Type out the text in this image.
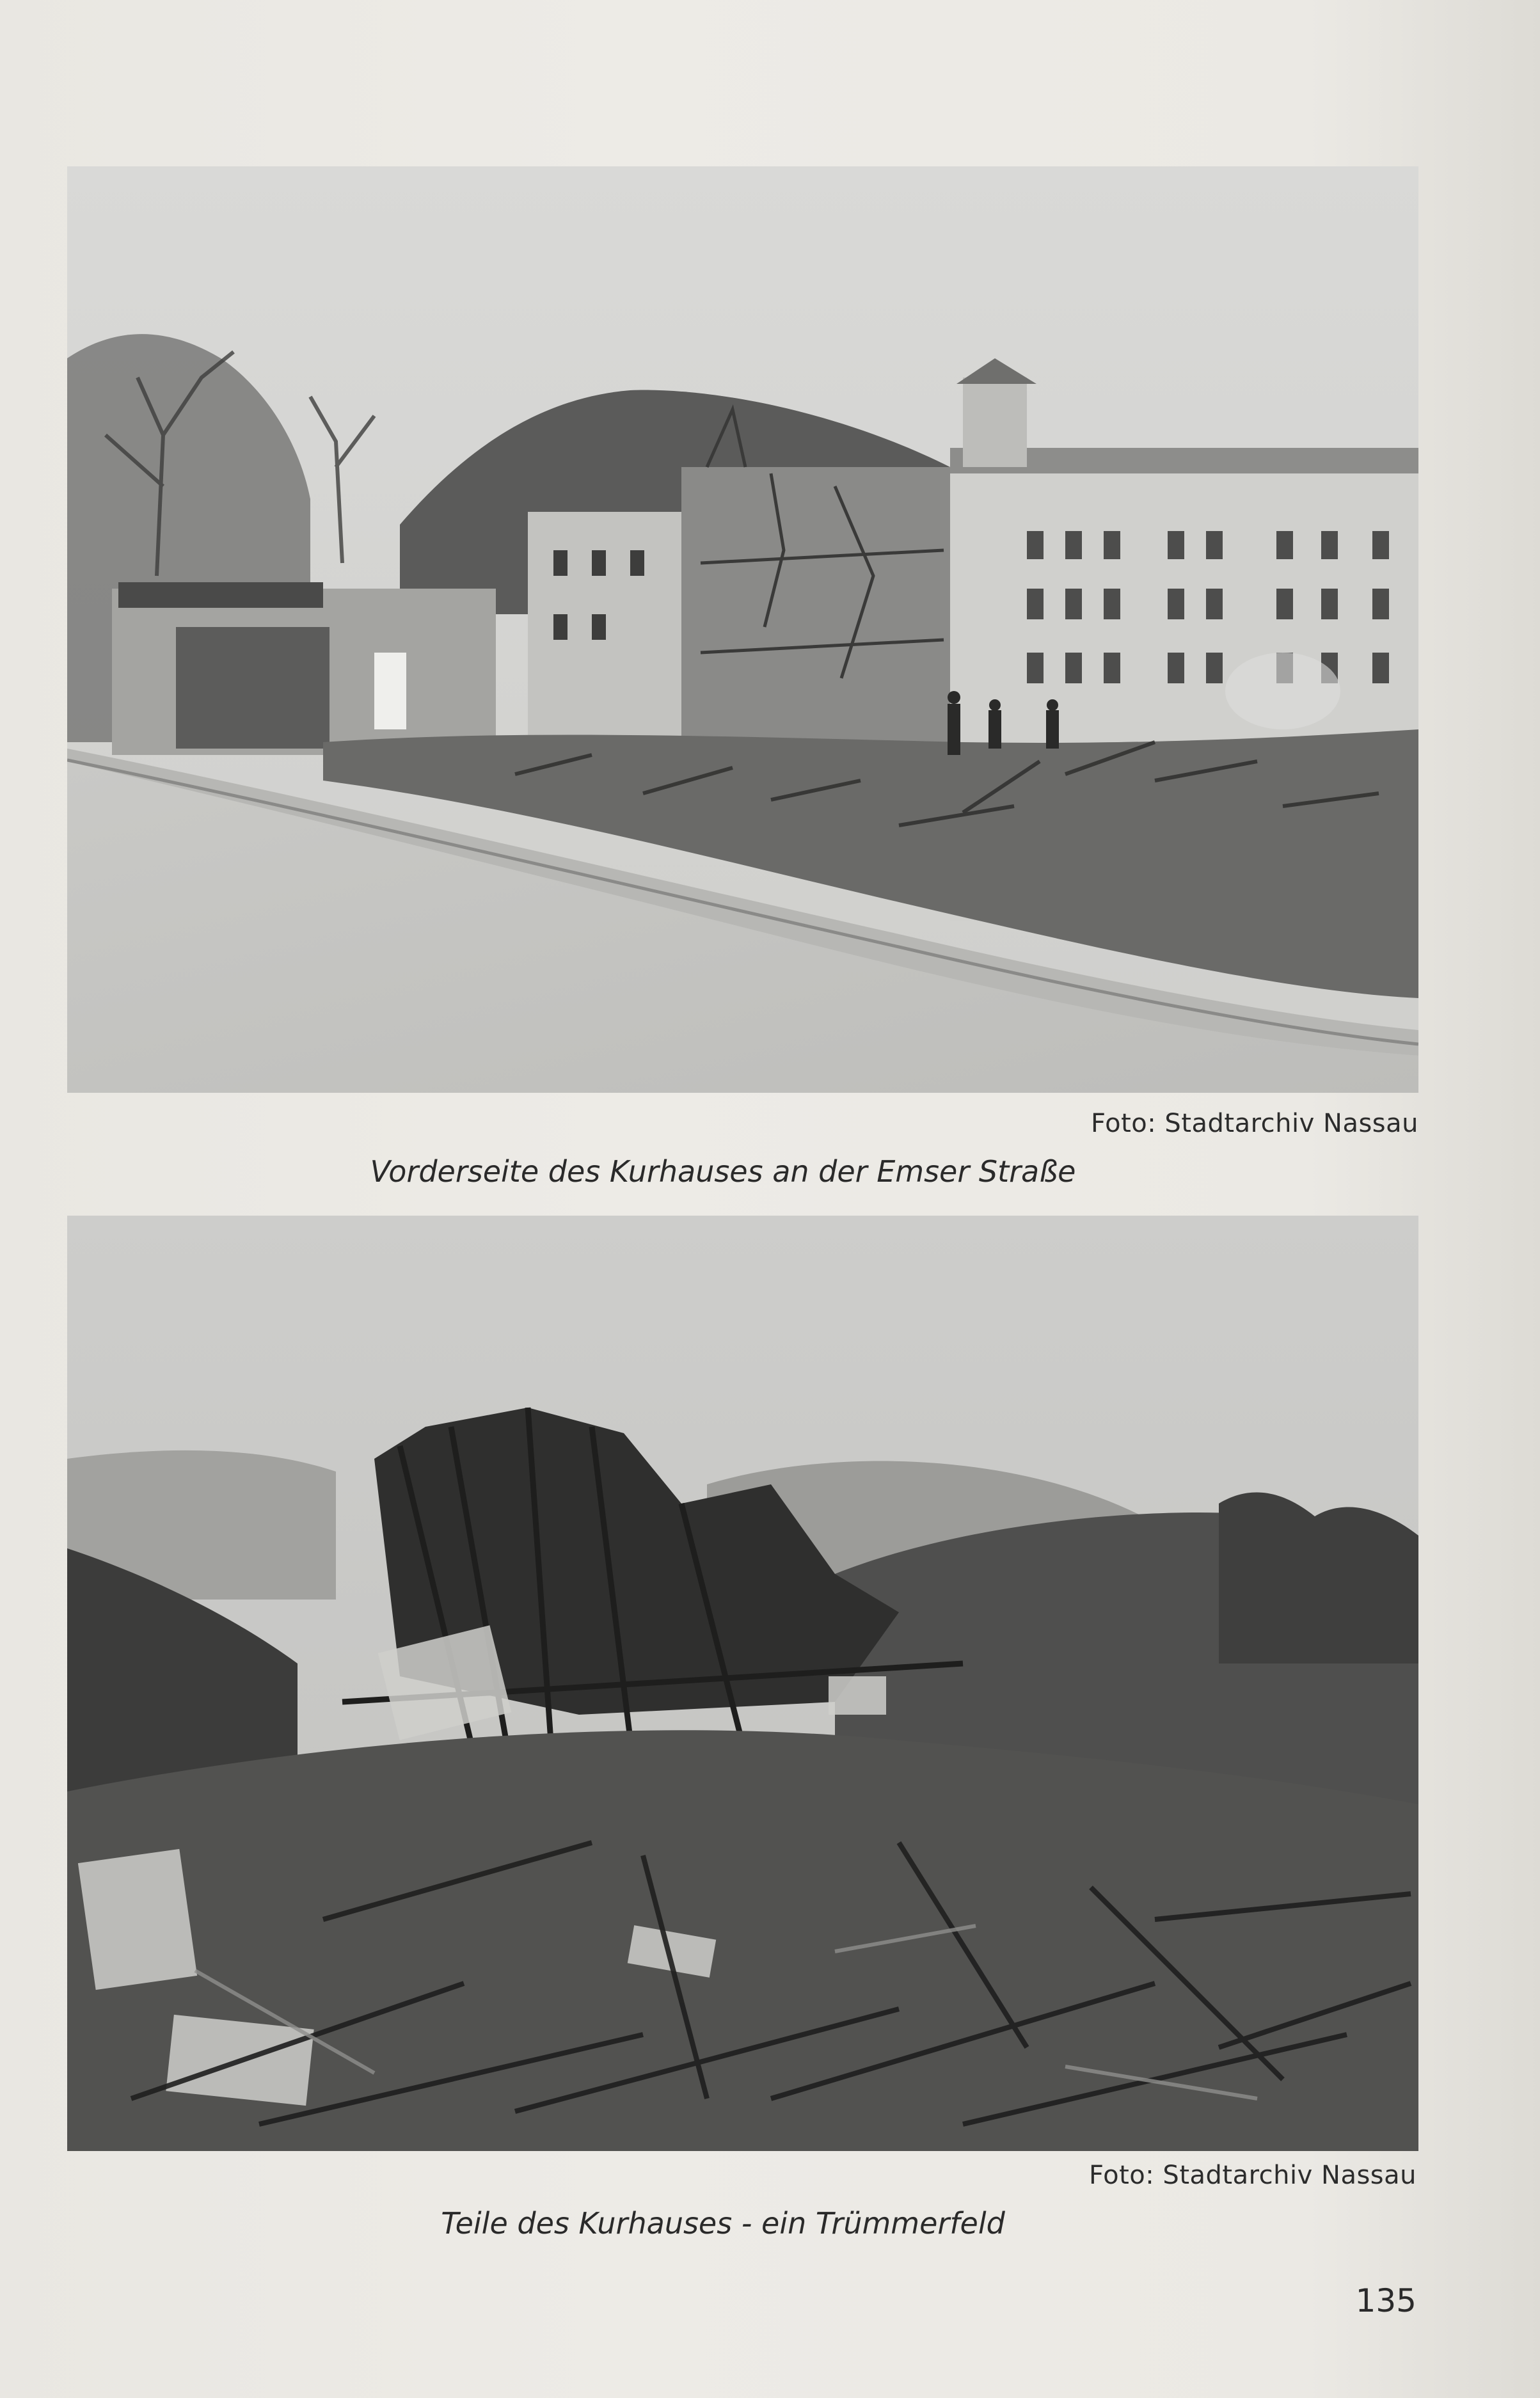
Foto: Stadtarchiv Nassau
Vorderseite des Kurhauses an der Emser Straße
Foto: Stadtarchiv Nassau
Teile des Kurhauses - ein Trümmerfeld
135
